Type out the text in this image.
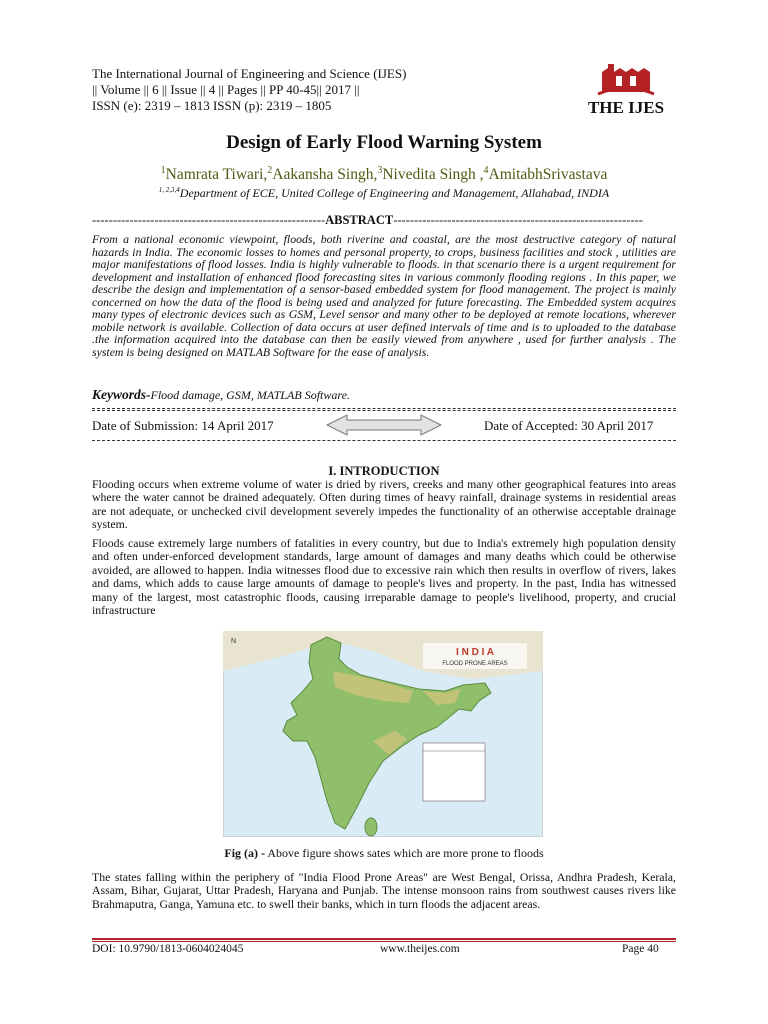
The International Journal of Engineering and Science (IJES)
|| Volume || 6 || Issue || 4 || Pages || PP 40-45|| 2017 ||
ISSN (e): 2319 – 1813 ISSN (p): 2319 – 1805	THE IJES
Design of Early Flood Warning System
$^1$Namrata Tiwari,$^2$Aakansha Singh,$^3$Nivedita Singh ,$^4$AmitabhSrivastava
$^{1, 2,3,4}$Department of ECE, United College of Engineering and Management, Allahabad, INDIA
--------------------------------------------------------ABSTRACT------------------------------------------------------------
From a national economic viewpoint, floods, both riverine and coastal, are the most destructive category of natural hazards in India. The economic losses to homes and personal property, to crops, business facilities and stock , utilities are major manifestations of flood losses. India is highly vulnerable to floods. in that scenario there is a urgent requirement for development and installation of enhanced flood forecasting sites in various commonly flooding regions . In this paper, we describe the design and implementation of a sensor-based embedded system for flood management. The project is mainly concerned on how the data of the flood is being used and analyzed for future forecasting. The Embedded system acquires many types of electronic devices such as GSM, Level sensor and many other to be deployed at remote locations, wherever mobile network is available. Collection of data occurs at user defined intervals of time and is to uploaded to the database .the information acquired into the database can then be easily viewed from anywhere , used for further analysis . The system is being designed on MATLAB Software for the ease of analysis.
Keywords-Flood damage, GSM, MATLAB Software.
Date of Submission: 14 April 2017	Date of Accepted: 30 April 2017
I. INTRODUCTION
Flooding occurs when extreme volume of water is dried by rivers, creeks and many other geographical features into areas where the water cannot be drained adequately. Often during times of heavy rainfall, drainage systems in residential areas are not adequate, or unchecked civil development severely impedes the functionality of an otherwise acceptable drainage system.
Floods cause extremely large numbers of fatalities in every country, but due to India's extremely high population density and often under-enforced development standards, large amount of damages and many deaths which could be otherwise avoided, are allowed to happen. India witnesses flood due to excessive rain which then results in overflow of rivers, lakes and dams, which adds to cause large amounts of damage to people's lives and property. In the past, India has witnessed many of the largest, most catastrophic floods, causing irreparable damage to people's livelihood, property, and crucial infrastructure
I N D I A
FLOOD PRONE AREAS
N
Fig (a) - Above figure shows sates which are more prone to floods
The states falling within the periphery of "India Flood Prone Areas" are West Bengal, Orissa, Andhra Pradesh, Kerala, Assam, Bihar, Gujarat, Uttar Pradesh, Haryana and Punjab. The intense monsoon rains from southwest causes rivers like Brahmaputra, Ganga, Yamuna etc. to swell their banks, which in turn floods the adjacent areas.
DOI: 10.9790/1813-0604024045	www.theijes.com	Page 40
